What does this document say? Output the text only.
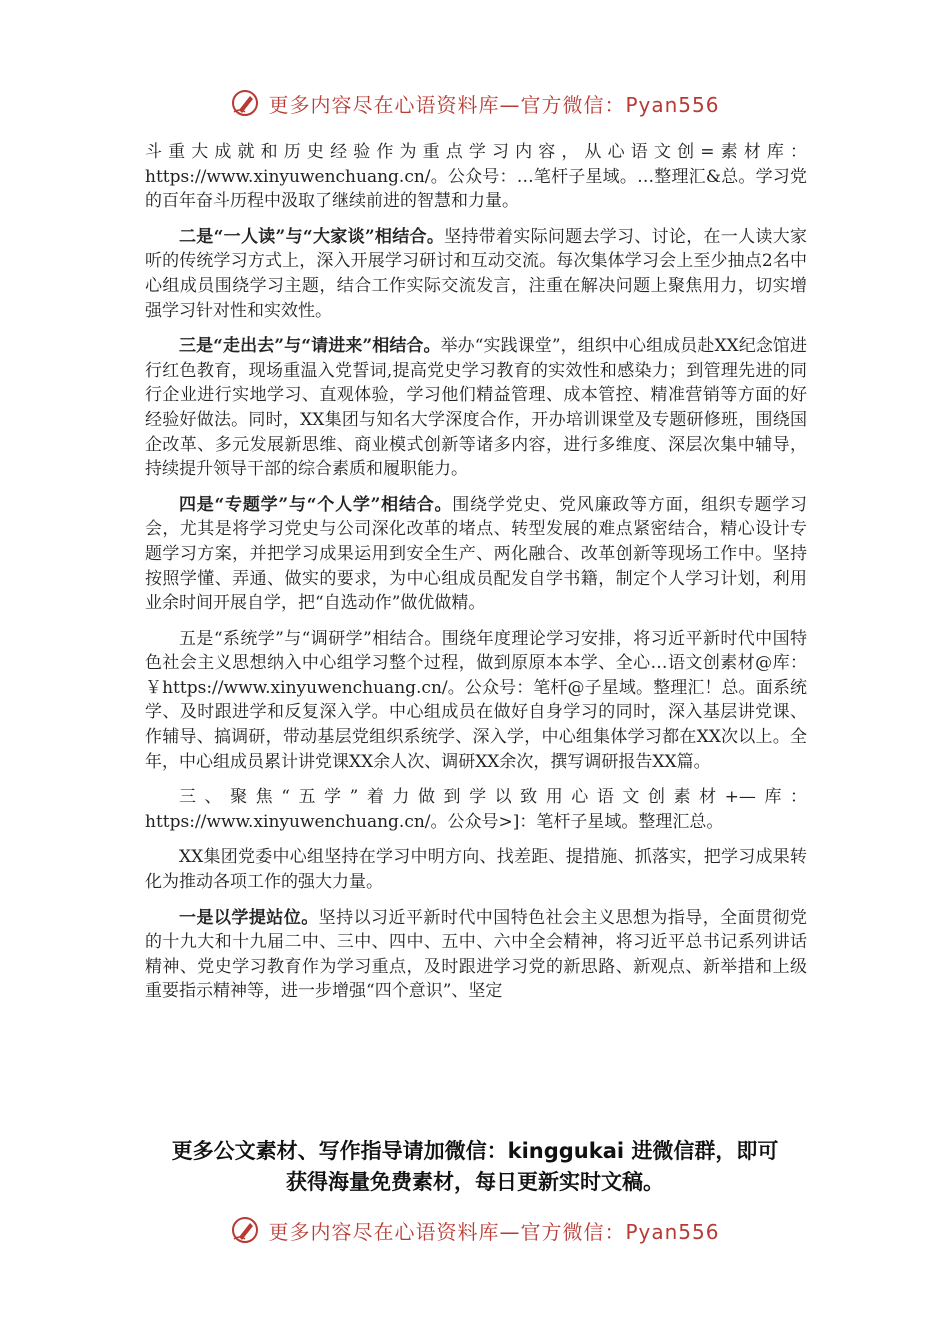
更多内容尽在心语资料库—官方微信：Pyan556

斗重大成就和历史经验作为重点学习内容，从心语文创=素材库：https://www.xinyuwenchuang.cn/。公众号：…笔杆子星域。…整理汇&总。学习党的百年奋斗历程中汲取了继续前进的智慧和力量。

二是“一人读”与“大家谈”相结合。坚持带着实际问题去学习、讨论，在一人读大家听的传统学习方式上，深入开展学习研讨和互动交流。每次集体学习会上至少抽点2名中心组成员围绕学习主题，结合工作实际交流发言，注重在解决问题上聚焦用力，切实增强学习针对性和实效性。

三是“走出去”与“请进来”相结合。举办“实践课堂”，组织中心组成员赴XX纪念馆进行红色教育，现场重温入党誓词,提高党史学习教育的实效性和感染力；到管理先进的同行企业进行实地学习、直观体验，学习他们精益管理、成本管控、精准营销等方面的好经验好做法。同时，XX集团与知名大学深度合作，开办培训课堂及专题研修班，围绕国企改革、多元发展新思维、商业模式创新等诸多内容，进行多维度、深层次集中辅导，持续提升领导干部的综合素质和履职能力。

四是“专题学”与“个人学”相结合。围绕学党史、党风廉政等方面，组织专题学习会，尤其是将学习党史与公司深化改革的堵点、转型发展的难点紧密结合，精心设计专题学习方案，并把学习成果运用到安全生产、两化融合、改革创新等现场工作中。坚持按照学懂、弄通、做实的要求，为中心组成员配发自学书籍，制定个人学习计划，利用业余时间开展自学，把“自选动作”做优做精。

五是“系统学”与“调研学”相结合。围绕年度理论学习安排，将习近平新时代中国特色社会主义思想纳入中心组学习整个过程，做到原原本本学、全心…语文创素材@库：￥https://www.xinyuwenchuang.cn/。公众号：笔杆@子星域。整理汇！总。面系统学、及时跟进学和反复深入学。中心组成员在做好自身学习的同时，深入基层讲党课、作辅导、搞调研，带动基层党组织系统学、深入学，中心组集体学习都在XX次以上。全年，中心组成员累计讲党课XX余人次、调研XX余次，撰写调研报告XX篇。

三、聚焦“五学”着力做到学以致用心语文创素材+—库：https://www.xinyuwenchuang.cn/。公众号>]：笔杆子星域。整理汇总。

XX集团党委中心组坚持在学习中明方向、找差距、提措施、抓落实，把学习成果转化为推动各项工作的强大力量。

一是以学提站位。坚持以习近平新时代中国特色社会主义思想为指导，全面贯彻党的十九大和十九届二中、三中、四中、五中、六中全会精神，将习近平总书记系列讲话精神、党史学习教育作为学习重点，及时跟进学习党的新思路、新观点、新举措和上级重要指示精神等，进一步增强“四个意识”、坚定

更多公文素材、写作指导请加微信：kinggukai 进微信群，即可
获得海量免费素材，每日更新实时文稿。
更多内容尽在心语资料库—官方微信：Pyan556
